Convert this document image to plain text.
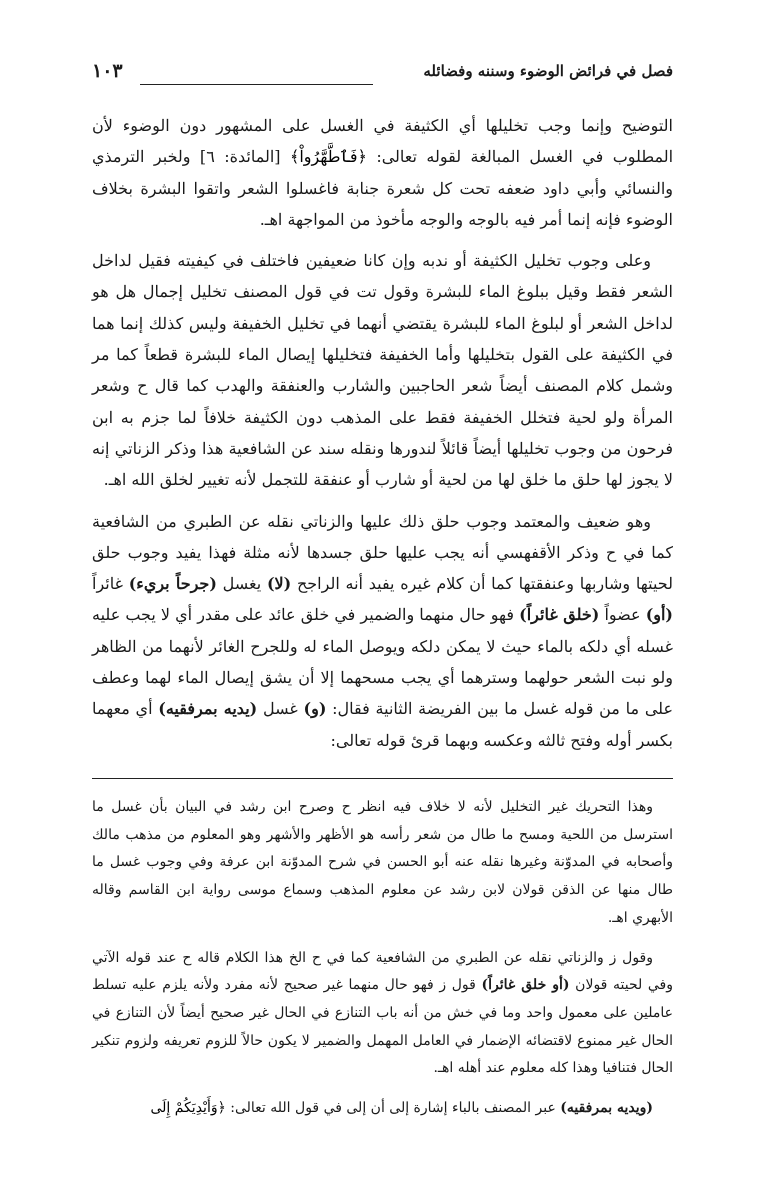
فصل في فرائض الوضوء وسننه وفضائله
١٠٣

التوضيح وإنما وجب تخليلها أي الكثيفة في الغسل على المشهور دون الوضوء لأن المطلوب في الغسل المبالغة لقوله تعالى: ﴿فَٱطَّهَّرُواْ﴾ [المائدة: ٦] ولخبر الترمذي والنسائي وأبي داود ضعفه تحت كل شعرة جنابة فاغسلوا الشعر واتقوا البشرة بخلاف الوضوء فإنه إنما أمر فيه بالوجه والوجه مأخوذ من المواجهة اهـ.

وعلى وجوب تخليل الكثيفة أو ندبه وإن كانا ضعيفين فاختلف في كيفيته فقيل لداخل الشعر فقط وقيل ببلوغ الماء للبشرة وقول تت في قول المصنف تخليل إجمال هل هو لداخل الشعر أو لبلوغ الماء للبشرة يقتضي أنهما في تخليل الخفيفة وليس كذلك إنما هما في الكثيفة على القول بتخليلها وأما الخفيفة فتخليلها إيصال الماء للبشرة قطعاً كما مر وشمل كلام المصنف أيضاً شعر الحاجبين والشارب والعنفقة والهدب كما قال ح وشعر المرأة ولو لحية فتخلل الخفيفة فقط على المذهب دون الكثيفة خلافاً لما جزم به ابن فرحون من وجوب تخليلها أيضاً قائلاً لندورها ونقله سند عن الشافعية هذا وذكر الزناتي إنه لا يجوز لها حلق ما خلق لها من لحية أو شارب أو عنفقة للتجمل لأنه تغيير لخلق الله اهـ.

وهو ضعيف والمعتمد وجوب حلق ذلك عليها والزناتي نقله عن الطبري من الشافعية كما في ح وذكر الأقفهسي أنه يجب عليها حلق جسدها لأنه مثلة فهذا يفيد وجوب حلق لحيتها وشاربها وعنفقتها كما أن كلام غيره يفيد أنه الراجح (لا) يغسل (جرحاً بريء) غائراً (أو) عضواً (خلق غائراً) فهو حال منهما والضمير في خلق عائد على مقدر أي لا يجب عليه غسله أي دلكه بالماء حيث لا يمكن دلكه ويوصل الماء له وللجرح الغائر لأنهما من الظاهر ولو نبت الشعر حولهما وسترهما أي يجب مسحهما إلا أن يشق إيصال الماء لهما وعطف على ما من قوله غسل ما بين الفريضة الثانية فقال: (و) غسل (يديه بمرفقيه) أي معهما بكسر أوله وفتح ثالثه وعكسه وبهما قرئ قوله تعالى:

وهذا التحريك غير التخليل لأنه لا خلاف فيه انظر ح وصرح ابن رشد في البيان بأن غسل ما استرسل من اللحية ومسح ما طال من شعر رأسه هو الأظهر والأشهر وهو المعلوم من مذهب مالك وأصحابه في المدوّنة وغيرها نقله عنه أبو الحسن في شرح المدوّنة ابن عرفة وفي وجوب غسل ما طال منها عن الذقن قولان لابن رشد عن معلوم المذهب وسماع موسى رواية ابن القاسم وقاله الأبهري اهـ.

وقول ز والزناتي نقله عن الطبري من الشافعية كما في ح الخ هذا الكلام قاله ح عند قوله الآتي وفي لحيته قولان (أو خلق غائراً) قول ز فهو حال منهما غير صحيح لأنه مفرد ولأنه يلزم عليه تسلط عاملين على معمول واحد وما في خش من أنه باب التنازع في الحال غير صحيح أيضاً لأن التنازع في الحال غير ممنوع لاقتضائه الإضمار في العامل المهمل والضمير لا يكون حالاً للزوم تعريفه ولزوم تنكير الحال فتنافيا وهذا كله معلوم عند أهله اهـ.

(ويديه بمرفقيه) عبر المصنف بالباء إشارة إلى أن إلى في قول الله تعالى: ﴿وَأَيْدِيَكُمْ إِلَى
